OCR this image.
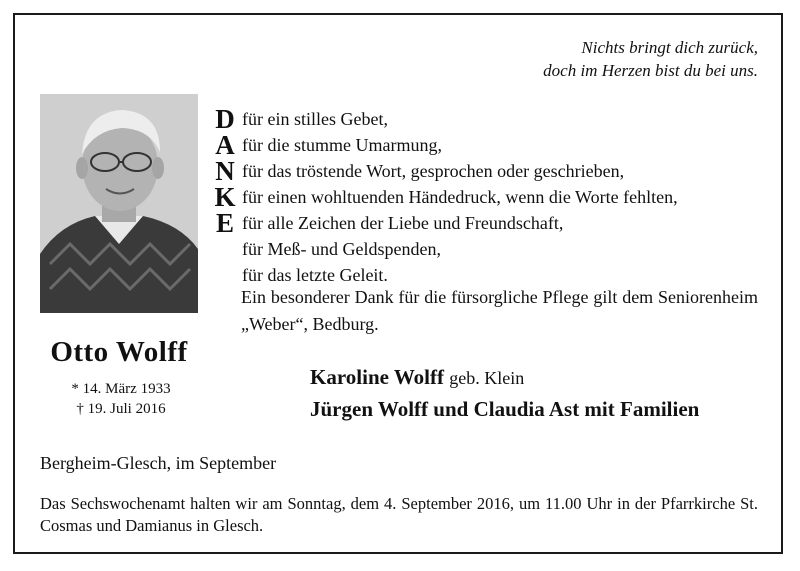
Nichts bringt dich zurück,
doch im Herzen bist du bei uns.
Otto Wolff
* 14. März 1933
† 19. Juli 2016
D für ein stilles Gebet,
A für die stumme Umarmung,
N für das tröstende Wort, gesprochen oder geschrieben,
K für einen wohltuenden Händedruck, wenn die Worte fehlten,
E für alle Zeichen der Liebe und Freundschaft,
für Meß- und Geldspenden,
für das letzte Geleit.
Ein besonderer Dank für die fürsorgliche Pflege gilt dem Seniorenheim „Weber“, Bedburg.
Karoline Wolff geb. Klein
Jürgen Wolff und Claudia Ast mit Familien
Bergheim-Glesch, im September
Das Sechswochenamt halten wir am Sonntag, dem 4. September 2016, um 11.00 Uhr in der Pfarrkirche St. Cosmas und Damianus in Glesch.
